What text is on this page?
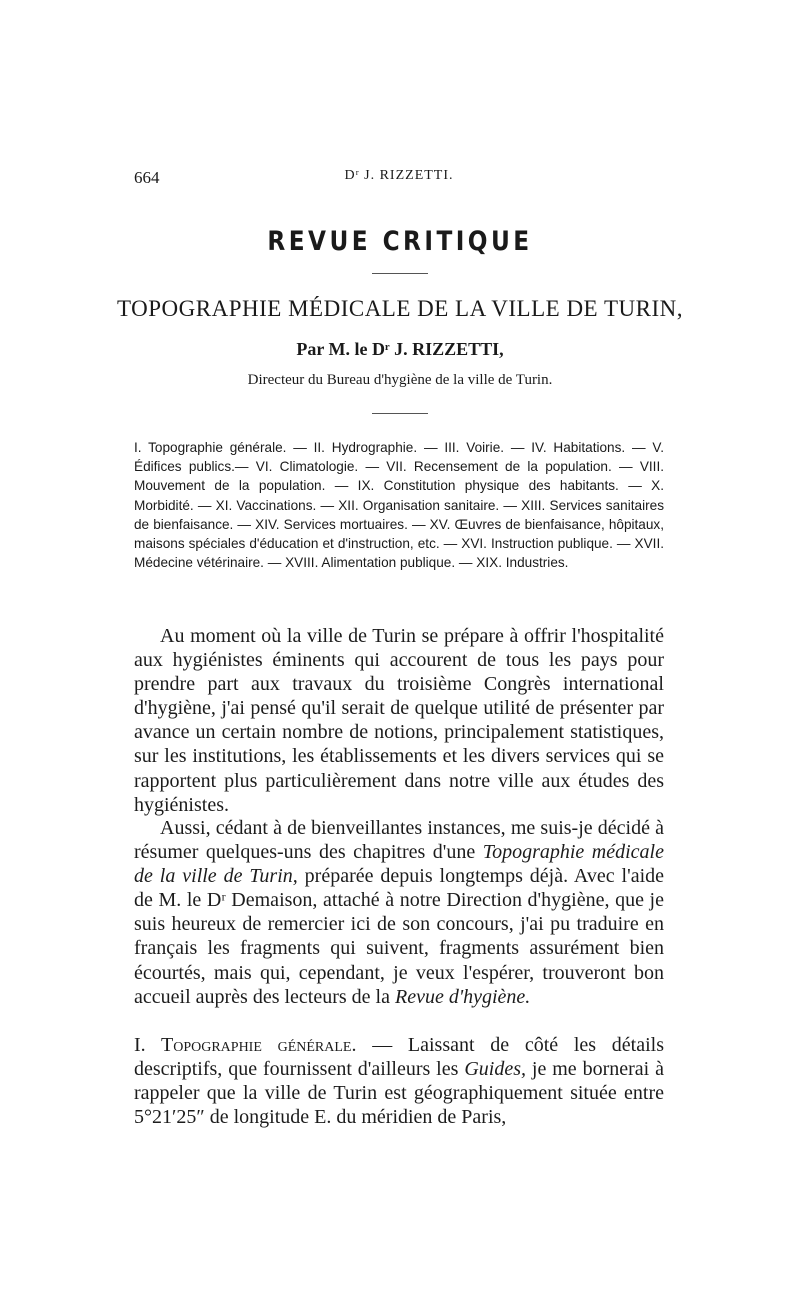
664	Dʳ J. RIZZETTI.
REVUE CRITIQUE
TOPOGRAPHIE MÉDICALE DE LA VILLE DE TURIN,
Par M. le Dʳ J. RIZZETTI,
Directeur du Bureau d'hygiène de la ville de Turin.

I. Topographie générale. — II. Hydrographie. — III. Voirie. — IV. Habitations. — V. Édifices publics.— VI. Climatologie. — VII. Recensement de la population. — VIII. Mouvement de la population. — IX. Constitution physique des habitants. — X. Morbidité. — XI. Vaccinations. — XII. Organisation sanitaire. — XIII. Services sanitaires de bienfaisance. — XIV. Services mortuaires. — XV. Œuvres de bienfaisance, hôpitaux, maisons spéciales d'éducation et d'instruction, etc. — XVI. Instruction publique. — XVII. Médecine vétérinaire. — XVIII. Alimentation publique. — XIX. Industries.

Au moment où la ville de Turin se prépare à offrir l'hospitalité aux hygiénistes éminents qui accourent de tous les pays pour prendre part aux travaux du troisième Congrès international d'hygiène, j'ai pensé qu'il serait de quelque utilité de présenter par avance un certain nombre de notions, principalement statistiques, sur les institutions, les établissements et les divers services qui se rapportent plus particulièrement dans notre ville aux études des hygiénistes.

Aussi, cédant à de bienveillantes instances, me suis-je décidé à résumer quelques-uns des chapitres d'une Topographie médicale de la ville de Turin, préparée depuis longtemps déjà. Avec l'aide de M. le Dʳ Demaison, attaché à notre Direction d'hygiène, que je suis heureux de remercier ici de son concours, j'ai pu traduire en français les fragments qui suivent, fragments assurément bien écourtés, mais qui, cependant, je veux l'espérer, trouveront bon accueil auprès des lecteurs de la Revue d'hygiène.

I. Topographie générale. — Laissant de côté les détails descriptifs, que fournissent d'ailleurs les Guides, je me bornerai à rappeler que la ville de Turin est géographiquement située entre 5°21′25″ de longitude E. du méridien de Paris,
